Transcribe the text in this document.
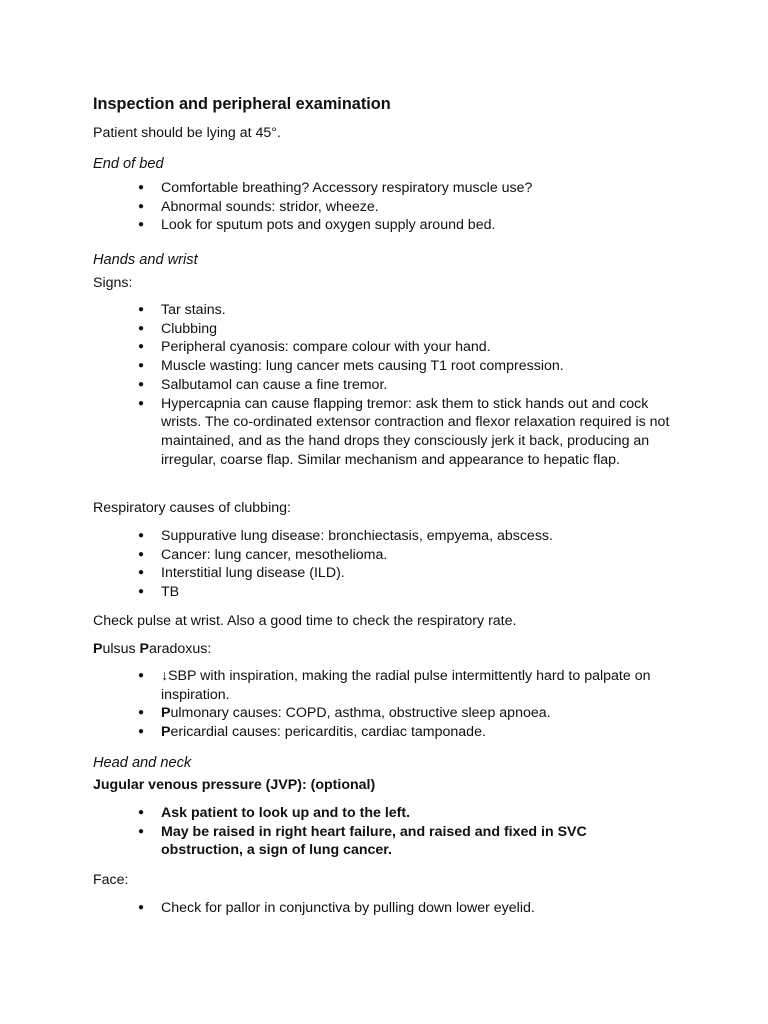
Inspection and peripheral examination
Patient should be lying at 45°.
End of bed
● Comfortable breathing? Accessory respiratory muscle use?
● Abnormal sounds: stridor, wheeze.
● Look for sputum pots and oxygen supply around bed.
Hands and wrist
Signs:
● Tar stains.
● Clubbing
● Peripheral cyanosis: compare colour with your hand.
● Muscle wasting: lung cancer mets causing T1 root compression.
● Salbutamol can cause a fine tremor.
● Hypercapnia can cause flapping tremor: ask them to stick hands out and cock wrists. The co-ordinated extensor contraction and flexor relaxation required is not maintained, and as the hand drops they consciously jerk it back, producing an irregular, coarse flap. Similar mechanism and appearance to hepatic flap.
Respiratory causes of clubbing:
● Suppurative lung disease: bronchiectasis, empyema, abscess.
● Cancer: lung cancer, mesothelioma.
● Interstitial lung disease (ILD).
● TB
Check pulse at wrist. Also a good time to check the respiratory rate.
Pulsus Paradoxus:
● ↓SBP with inspiration, making the radial pulse intermittently hard to palpate on inspiration.
● Pulmonary causes: COPD, asthma, obstructive sleep apnoea.
● Pericardial causes: pericarditis, cardiac tamponade.
Head and neck
Jugular venous pressure (JVP): (optional)
● Ask patient to look up and to the left.
● May be raised in right heart failure, and raised and fixed in SVC obstruction, a sign of lung cancer.
Face:
● Check for pallor in conjunctiva by pulling down lower eyelid.
